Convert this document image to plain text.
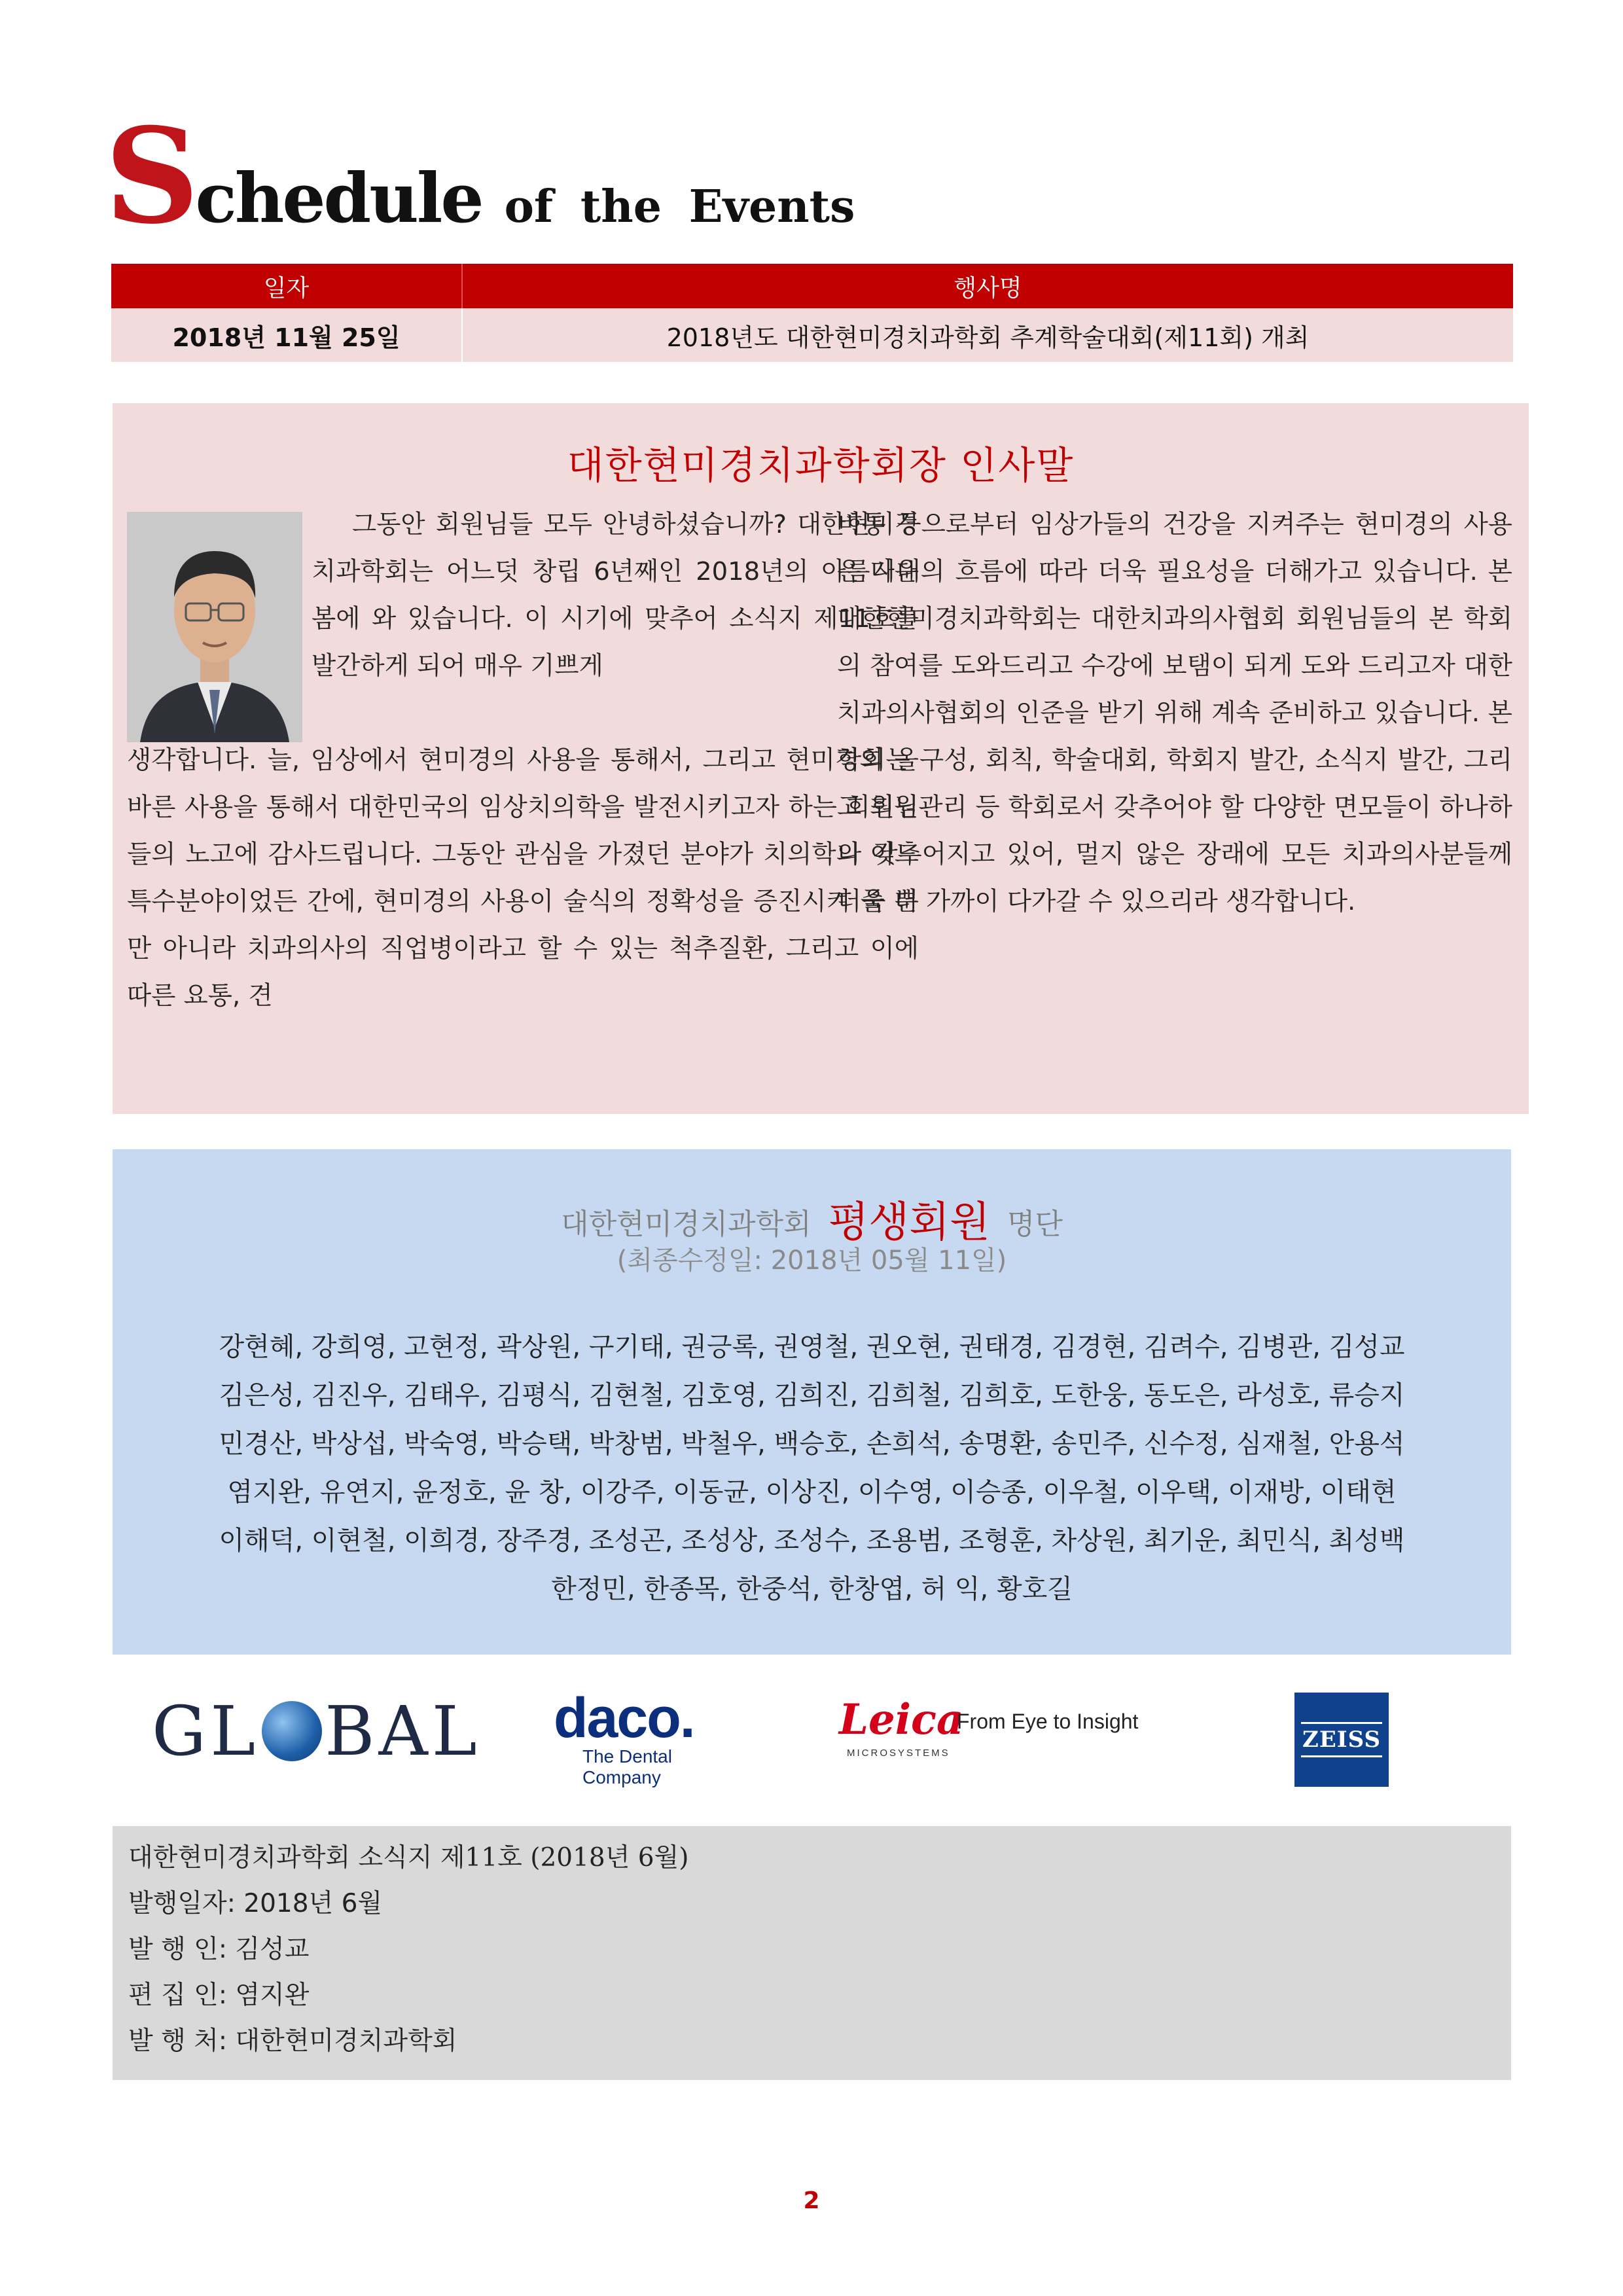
Schedule of the Events
일자	행사명
2018년 11월 25일	2018년도 대한현미경치과학회 추계학술대회(제11회) 개최
대한현미경치과학회장 인사말

그동안 회원님들 모두 안녕하셨습니까? 대한현미경치과학회는 어느덧 창립 6년째인 2018년의 아름다운 봄에 와 있습니다. 이 시기에 맞추어 소식지 제11호를 발간하게 되어 매우 기쁘게

생각합니다. 늘, 임상에서 현미경의 사용을 통해서, 그리고 현미경의 올바른 사용을 통해서 대한민국의 임상치의학을 발전시키고자 하는 회원님들의 노고에 감사드립니다. 그동안 관심을 가졌던 분야가 치의학의 어느 특수분야이었든 간에, 현미경의 사용이 술식의 정확성을 증진시켜 줄 뿐만 아니라 치과의사의 직업병이라고 할 수 있는 척추질환, 그리고 이에 따른 요통, 견

비통 등으로부터 임상가들의 건강을 지켜주는 현미경의 사용은 시대의 흐름에 따라 더욱 필요성을 더해가고 있습니다. 본 대한현미경치과학회는 대한치과의사협회 회원님들의 본 학회의 참여를 도와드리고 수강에 보탬이 되게 도와 드리고자 대한치과의사협회의 인준을 받기 위해 계속 준비하고 있습니다. 본 학회는 구성, 회칙, 학술대회, 학회지 발간, 소식지 발간, 그리고 회원관리 등 학회로서 갖추어야 할 다양한 면모들이 하나하나 갖추어지고 있어, 멀지 않은 장래에 모든 치과의사분들께 더욱 더 가까이 다가갈 수 있으리라 생각합니다.

대한현미경치과학회 평생회원 명단
(최종수정일: 2018년 05월 11일)
강현혜, 강희영, 고현정, 곽상원, 구기태, 권긍록, 권영철, 권오현, 권태경, 김경현, 김려수, 김병관, 김성교
김은성, 김진우, 김태우, 김평식, 김현철, 김호영, 김희진, 김희철, 김희호, 도한웅, 동도은, 라성호, 류승지
민경산, 박상섭, 박숙영, 박승택, 박창범, 박철우, 백승호, 손희석, 송명환, 송민주, 신수정, 심재철, 안용석
염지완, 유연지, 윤정호, 윤 창, 이강주, 이동균, 이상진, 이수영, 이승종, 이우철, 이우택, 이재방, 이태현
이해덕, 이현철, 이희경, 장주경, 조성곤, 조성상, 조성수, 조용범, 조형훈, 차상원, 최기운, 최민식, 최성백
한정민, 한종목, 한중석, 한창엽, 허 익, 황호길
GL BAL daco.
The Dental Company
Leica
MICROSYSTEMS
From Eye to Insight
ZEISS
대한현미경치과학회 소식지 제11호 (2018년 6월)
발행일자: 2018년 6월
발 행 인: 김성교
편 집 인: 염지완
발 행 처: 대한현미경치과학회
2
